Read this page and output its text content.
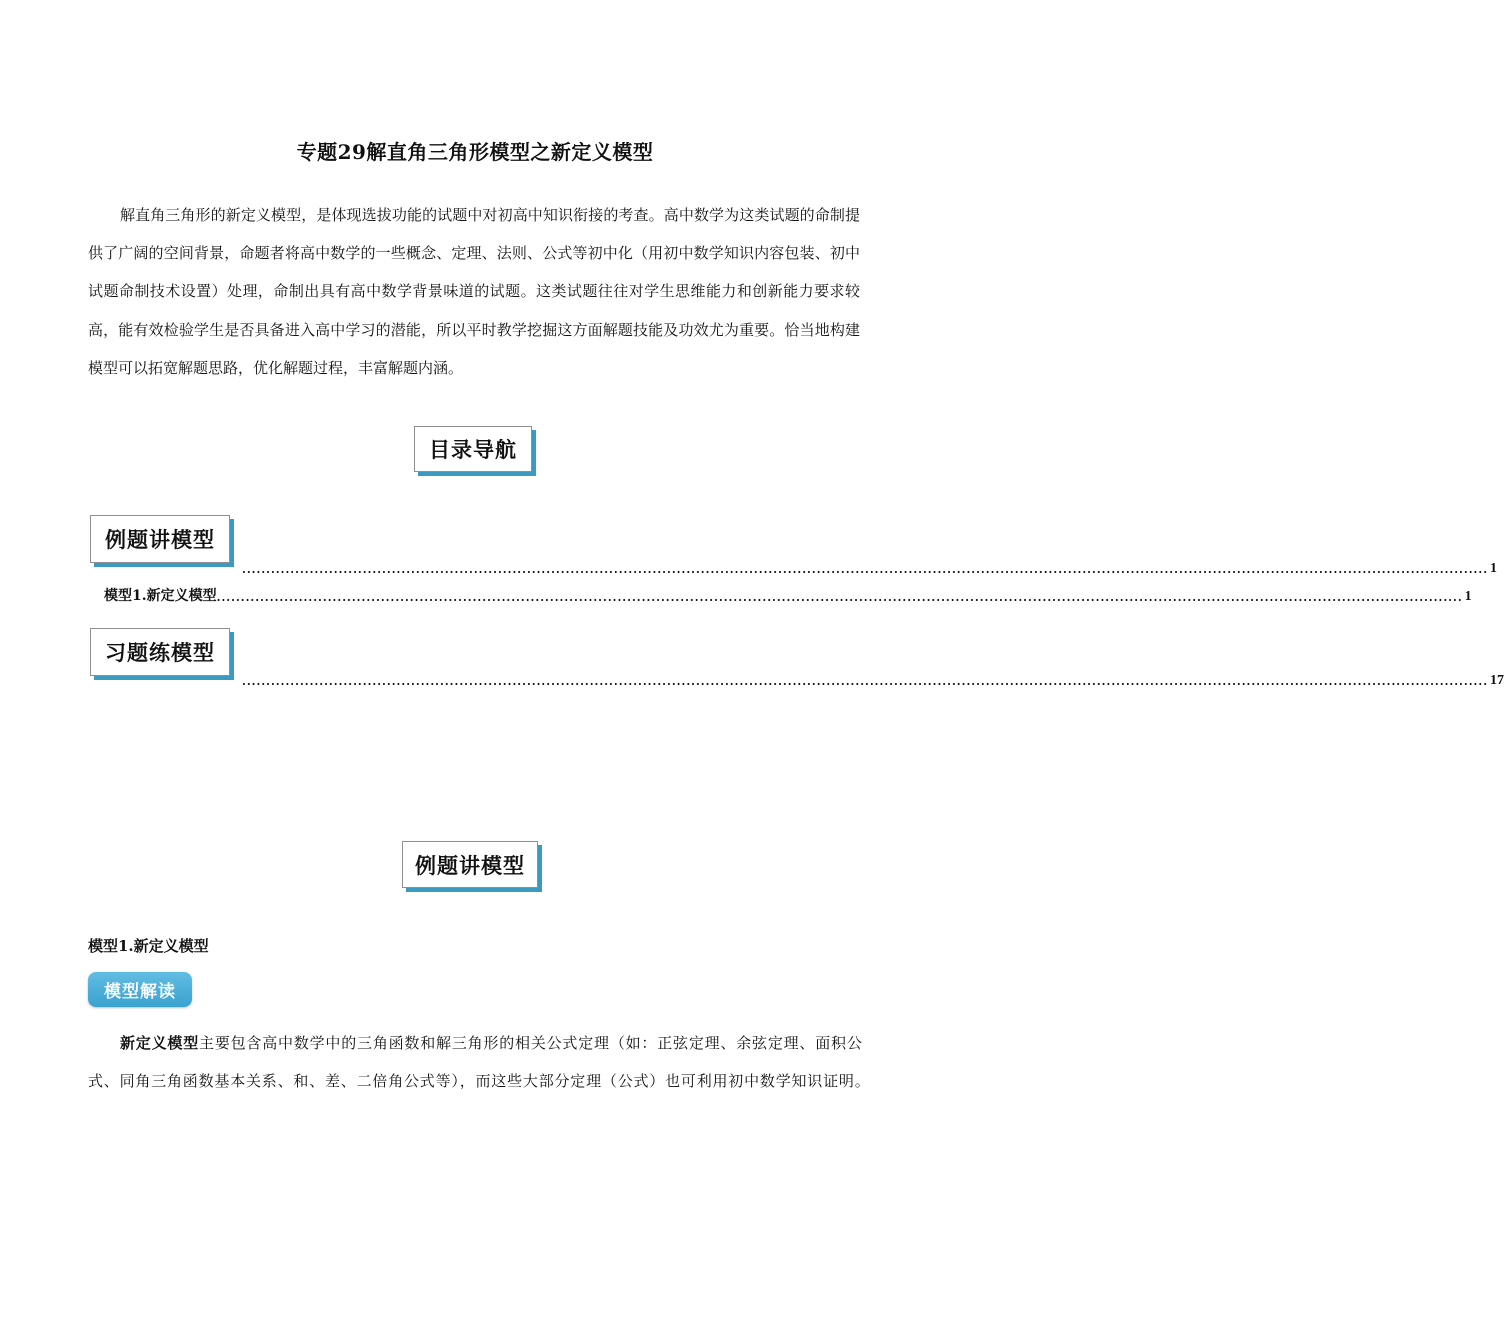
专题29解直角三角形模型之新定义模型

解直角三角形的新定义模型，是体现选拔功能的试题中对初高中知识衔接的考查。高中数学为这类试题的命制提供了广阔的空间背景，命题者将高中数学的一些概念、定理、法则、公式等初中化（用初中数学知识内容包装、初中试题命制技术设置）处理，命制出具有高中数学背景味道的试题。这类试题往往对学生思维能力和创新能力要求较高，能有效检验学生是否具备进入高中学习的潜能，所以平时教学挖掘这方面解题技能及功效尤为重要。恰当地构建模型可以拓宽解题思路，优化解题过程，丰富解题内涵。

目录导航
例题讲模型
.................................................................................................................................................................................................................................................................. 1
模型1.新定义模型 .................................................................................................................................................................................................................................................................. 1
习题练模型
.................................................................................................................................................................................................................................................................. 17
例题讲模型
模型1.新定义模型
模型解读

新定义模型主要包含高中数学中的三角函数和解三角形的相关公式定理（如：正弦定理、余弦定理、面积公式、同角三角函数基本关系、和、差、二倍角公式等），而这些大部分定理（公式）也可利用初中数学知识证明。
